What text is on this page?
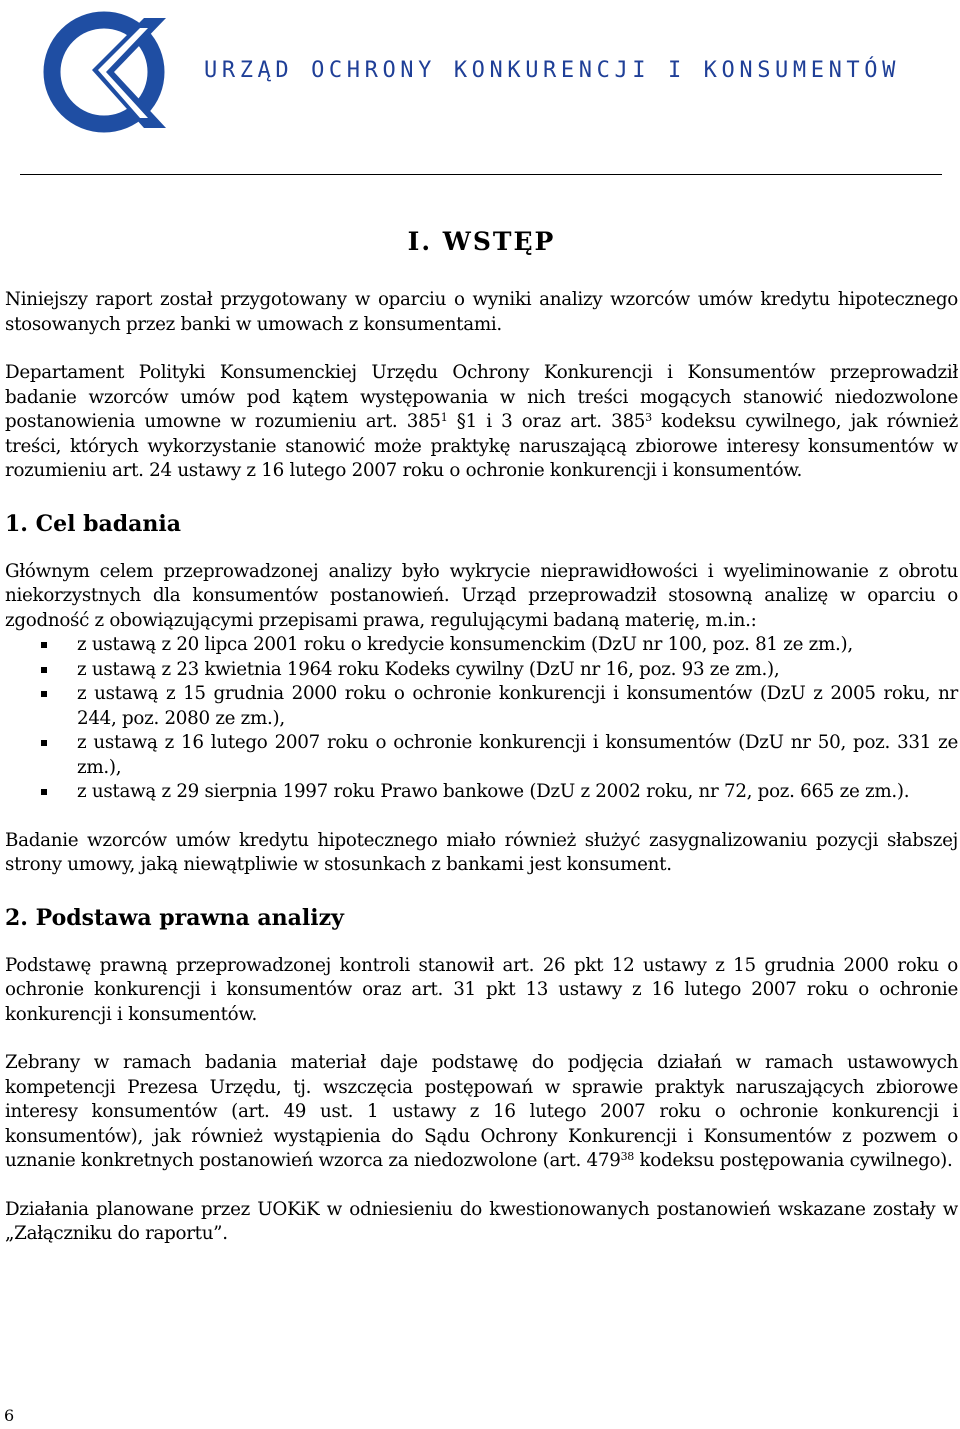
URZĄD OCHRONY KONKURENCJI I KONSUMENTÓW
I. WSTĘP

Niniejszy raport został przygotowany w oparciu o wyniki analizy wzorców umów kredytu hipotecznego stosowanych przez banki w umowach z konsumentami.

Departament Polityki Konsumenckiej Urzędu Ochrony Konkurencji i Konsumentów przeprowadził badanie wzorców umów pod kątem występowania w nich treści mogących stanowić niedozwolone postanowienia umowne w rozumieniu art. $385^1$ §1 i 3 oraz art. $385^3$ kodeksu cywilnego, jak również treści, których wykorzystanie stanowić może praktykę naruszającą zbiorowe interesy konsumentów w rozumieniu art. 24 ustawy z 16 lutego 2007 roku o ochronie konkurencji i konsumentów.

1. Cel badania

Głównym celem przeprowadzonej analizy było wykrycie nieprawidłowości i wyeliminowanie z obrotu niekorzystnych dla konsumentów postanowień. Urząd przeprowadził stosowną analizę w oparciu o zgodność z obowiązującymi przepisami prawa, regulującymi badaną materię, m.in.:

z ustawą z 20 lipca 2001 roku o kredycie konsumenckim (DzU nr 100, poz. 81 ze zm.),
z ustawą z 23 kwietnia 1964 roku Kodeks cywilny (DzU nr 16, poz. 93 ze zm.),
z ustawą z 15 grudnia 2000 roku o ochronie konkurencji i konsumentów (DzU z 2005 roku, nr 244, poz. 2080 ze zm.),
z ustawą z 16 lutego 2007 roku o ochronie konkurencji i konsumentów (DzU nr 50, poz. 331 ze zm.),
z ustawą z 29 sierpnia 1997 roku Prawo bankowe (DzU z 2002 roku, nr 72, poz. 665 ze zm.).

Badanie wzorców umów kredytu hipotecznego miało również służyć zasygnalizowaniu pozycji słabszej strony umowy, jaką niewątpliwie w stosunkach z bankami jest konsument.

2. Podstawa prawna analizy

Podstawę prawną przeprowadzonej kontroli stanowił art. 26 pkt 12 ustawy z 15 grudnia 2000 roku o ochronie konkurencji i konsumentów oraz art. 31 pkt 13 ustawy z 16 lutego 2007 roku o ochronie konkurencji i konsumentów.

Zebrany w ramach badania materiał daje podstawę do podjęcia działań w ramach ustawowych kompetencji Prezesa Urzędu, tj. wszczęcia postępowań w sprawie praktyk naruszających zbiorowe interesy konsumentów (art. 49 ust. 1 ustawy z 16 lutego 2007 roku o ochronie konkurencji i konsumentów), jak również wystąpienia do Sądu Ochrony Konkurencji i Konsumentów z pozwem o uznanie konkretnych postanowień wzorca za niedozwolone (art. $479^{38}$ kodeksu postępowania cywilnego).

Działania planowane przez UOKiK w odniesieniu do kwestionowanych postanowień wskazane zostały w „Załączniku do raportu”.

6
